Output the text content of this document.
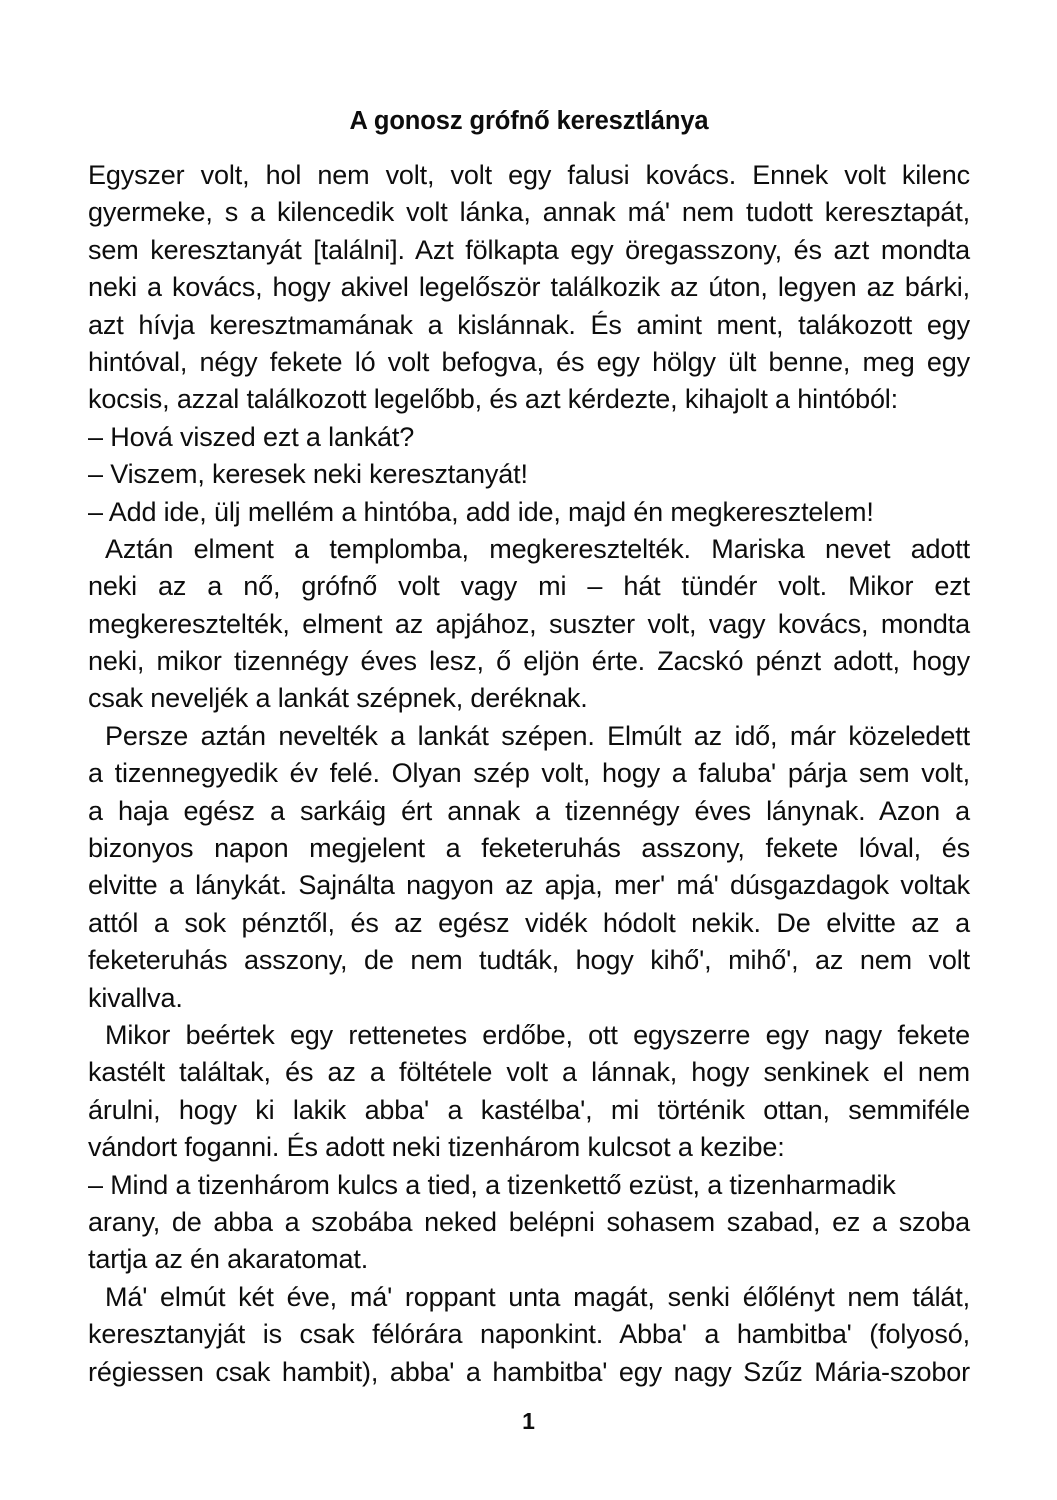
A gonosz grófnő keresztlánya
Egyszer volt, hol nem volt, volt egy falusi kovács. Ennek volt kilenc
gyermeke, s a kilencedik volt lánka, annak má' nem tudott keresztapát,
sem keresztanyát [találni]. Azt fölkapta egy öregasszony, és azt mondta
neki a kovács, hogy akivel legelőször találkozik az úton, legyen az bárki,
azt hívja keresztmamának a kislánnak. És amint ment, talákozott egy
hintóval, négy fekete ló volt befogva, és egy hölgy ült benne, meg egy
kocsis, azzal találkozott legelőbb, és azt kérdezte, kihajolt a hintóból:
– Hová viszed ezt a lankát?
– Viszem, keresek neki keresztanyát!
– Add ide, ülj mellém a hintóba, add ide, majd én megkeresztelem!
Aztán elment a templomba, megkeresztelték. Mariska nevet adott
neki az a nő, grófnő volt vagy mi – hát tündér volt. Mikor ezt
megkeresztelték, elment az apjához, suszter volt, vagy kovács, mondta
neki, mikor tizennégy éves lesz, ő eljön érte. Zacskó pénzt adott, hogy
csak neveljék a lankát szépnek, deréknak.
Persze aztán nevelték a lankát szépen. Elmúlt az idő, már közeledett
a tizennegyedik év felé. Olyan szép volt, hogy a faluba' párja sem volt,
a haja egész a sarkáig ért annak a tizennégy éves lánynak. Azon a
bizonyos napon megjelent a feketeruhás asszony, fekete lóval, és
elvitte a lánykát. Sajnálta nagyon az apja, mer' má' dúsgazdagok voltak
attól a sok pénztől, és az egész vidék hódolt nekik. De elvitte az a
feketeruhás asszony, de nem tudták, hogy kihő', mihő', az nem volt
kivallva.
Mikor beértek egy rettenetes erdőbe, ott egyszerre egy nagy fekete
kastélt találtak, és az a föltétele volt a lánnak, hogy senkinek el nem
árulni, hogy ki lakik abba' a kastélba', mi történik ottan, semmiféle
vándort foganni. És adott neki tizenhárom kulcsot a kezibe:
– Mind a tizenhárom kulcs a tied, a tizenkettő ezüst, a tizenharmadik
arany, de abba a szobába neked belépni sohasem szabad, ez a szoba
tartja az én akaratomat.
Má' elmút két éve, má' roppant unta magát, senki élőlényt nem tálát,
keresztanyját is csak félórára naponkint. Abba' a hambitba' (folyosó,
régiessen csak hambit), abba' a hambitba' egy nagy Szűz Mária-szobor
1
